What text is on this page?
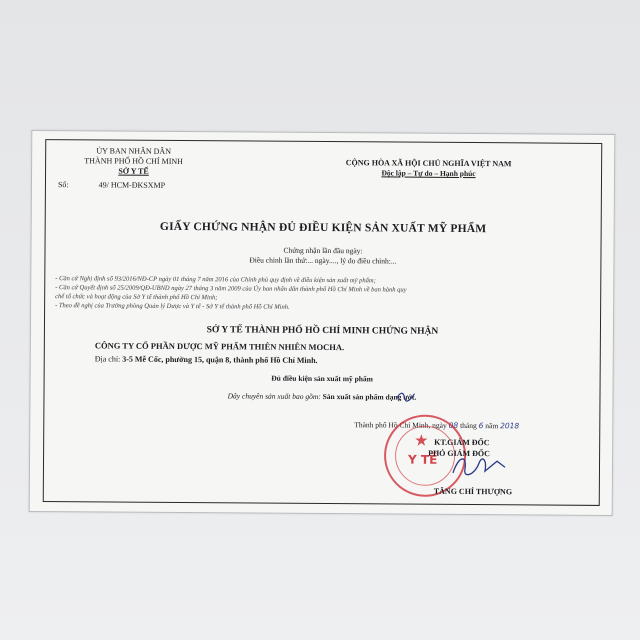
ỦY BAN NHÂN DÂN
THÀNH PHỐ HỒ CHÍ MINH
SỞ Y TẾ
Số:	49/ HCM-ĐKSXMP
CỘNG HÒA XÃ HỘI CHỦ NGHĨA VIỆT NAM
Độc lập – Tự do – Hạnh phúc
GIẤY CHỨNG NHẬN ĐỦ ĐIỀU KIỆN SẢN XUẤT MỸ PHẨM
Chứng nhận lần đầu ngày:
Điều chỉnh lần thứ:... ngày...., lý do điều chỉnh:...
- Căn cứ Nghị định số 93/2016/NĐ-CP ngày 01 tháng 7 năm 2016 của Chính phủ quy định về điều kiện sản xuất mỹ phẩm;
- Căn cứ Quyết định số 25/2009/QĐ-UBND ngày 27 tháng 3 năm 2009 của Ủy ban nhân dân thành phố Hồ Chí Minh về ban hành quy
chế tổ chức và hoạt động của Sở Y tế thành phố Hồ Chí Minh;
- Theo đề nghị của Trưởng phòng Quản lý Dược và Y tế - Sở Y tế thành phố Hồ Chí Minh.
SỞ Y TẾ THÀNH PHỐ HỒ CHÍ MINH CHỨNG NHẬN
CÔNG TY CỔ PHẦN DƯỢC MỸ PHẨM THIÊN NHIÊN MOCHA.
Địa chỉ: 3-5 Mễ Cốc, phường 15, quận 8, thành phố Hồ Chí Minh.
Đủ điều kiện sản xuất mỹ phẩm
Dây chuyền sản xuất bao gồm: Sản xuất sản phẩm dạng ướt.
Thành phố Hồ Chí Minh, ngày 08 tháng 6 năm 2018
★
Y TẾ
KT.GIÁM ĐỐC
PHÓ GIÁM ĐỐC
TĂNG CHÍ THƯỢNG
